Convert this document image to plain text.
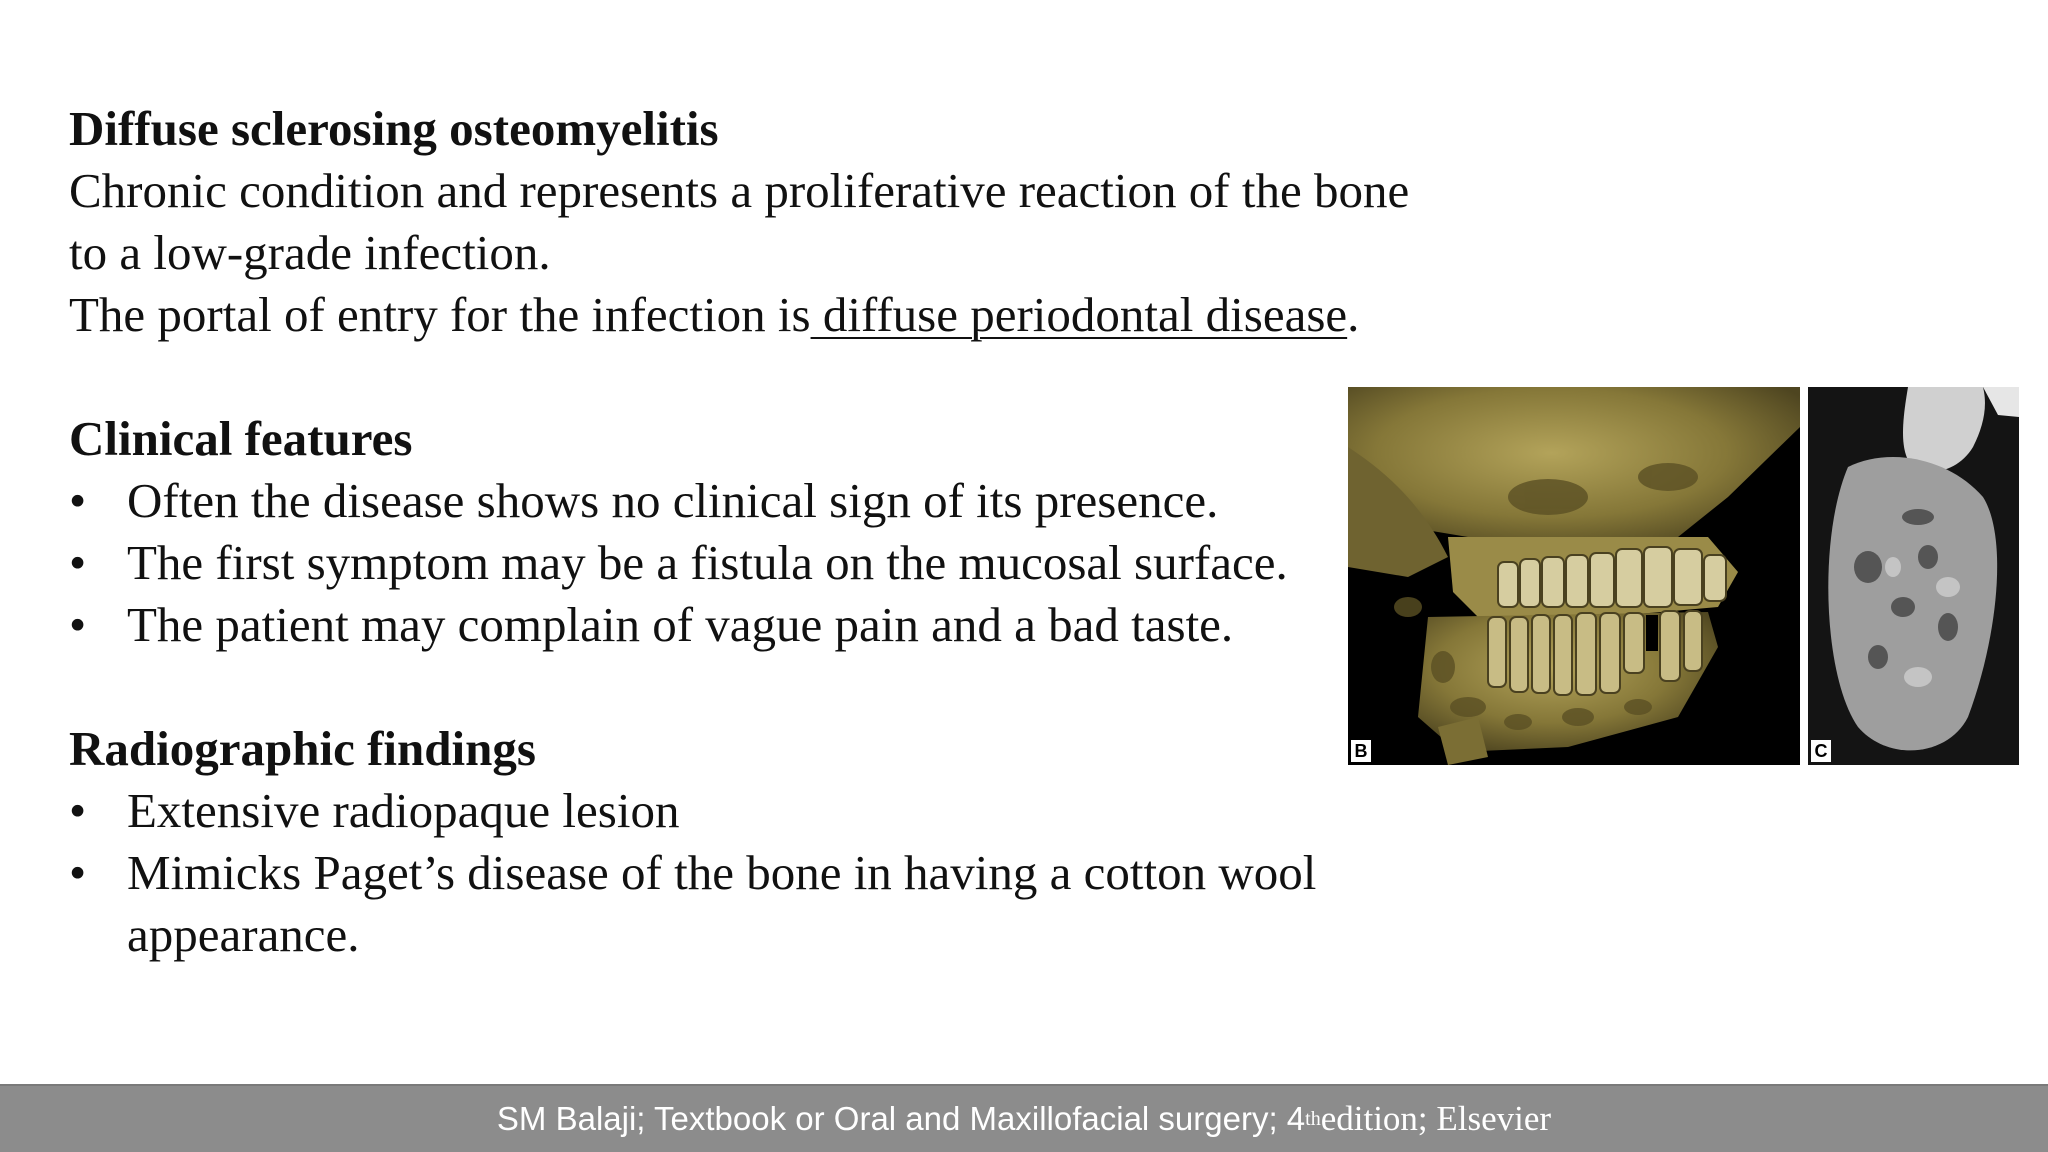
Diffuse sclerosing osteomyelitis

Chronic condition and represents a proliferative reaction of the bone

to a low-grade infection.

The portal of entry for the infection is diffuse periodontal disease.

Clinical features

• Often the disease shows no clinical sign of its presence.
• The first symptom may be a fistula on the mucosal surface.
• The patient may complain of vague pain and a bad taste.

Radiographic findings

• Extensive radiopaque lesion
• Mimicks Paget’s disease of the bone in having a cotton wool appearance.
B	C
SM Balaji; Textbook or Oral and Maxillofacial surgery; 4 th edition; Elsevier
